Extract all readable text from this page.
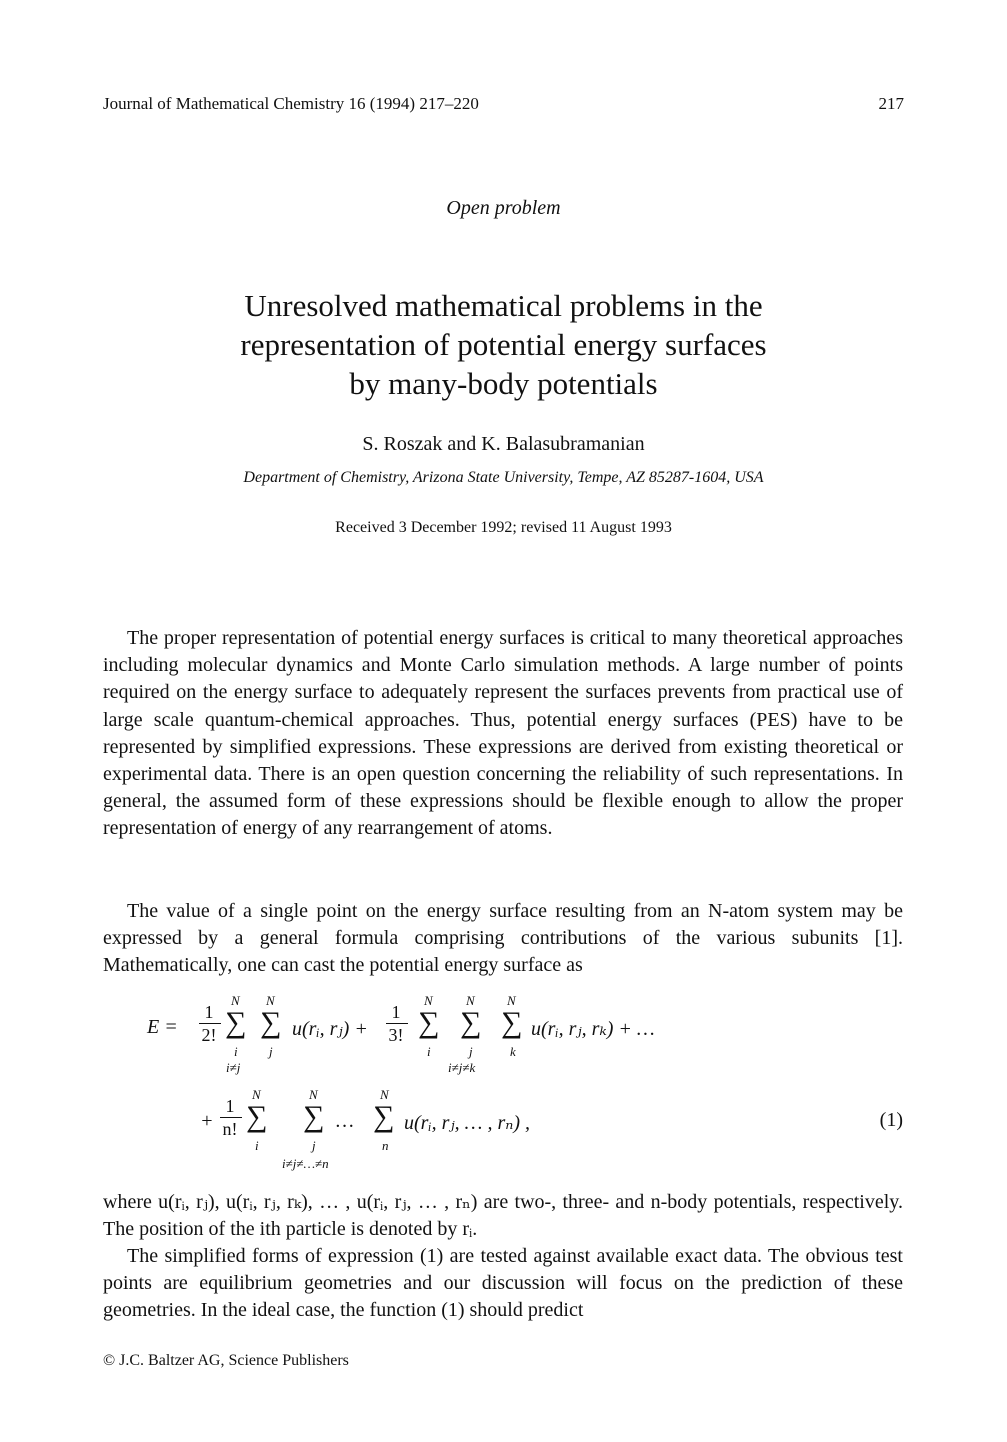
Journal of Mathematical Chemistry 16 (1994) 217–220	217
Open problem
Unresolved mathematical problems in the
representation of potential energy surfaces
by many-body potentials
S. Roszak and K. Balasubramanian
Department of Chemistry, Arizona State University, Tempe, AZ 85287-1604, USA
Received 3 December 1992; revised 11 August 1993

The proper representation of potential energy surfaces is critical to many theoretical approaches including molecular dynamics and Monte Carlo simulation methods. A large number of points required on the energy surface to adequately represent the surfaces prevents from practical use of large scale quantum-chemical approaches. Thus, potential energy surfaces (PES) have to be represented by simplified expressions. These expressions are derived from existing theoretical or experimental data. There is an open question concerning the reliability of such representations. In general, the assumed form of these expressions should be flexible enough to allow the proper representation of energy of any rearrangement of atoms.

The value of a single point on the energy surface resulting from an N-atom system may be expressed by a general formula comprising contributions of the various subunits [1]. Mathematically, one can cast the potential energy surface as

E =
1
2!
N
∑
i
i≠j
N
∑
j
u(rᵢ, rⱼ) +
1
3!
N
∑
i
N
∑
j
i≠j≠k
N
∑
k
u(rᵢ, rⱼ, rₖ) + …
+
1
n!
N
∑
i
N
∑
j
i≠j≠…≠n
…
N
∑
n
u(rᵢ, rⱼ, … , rₙ) ,	(1)

where u(rᵢ, rⱼ), u(rᵢ, rⱼ, rₖ), … , u(rᵢ, rⱼ, … , rₙ) are two-, three- and n-body potentials, respectively. The position of the ith particle is denoted by rᵢ.

The simplified forms of expression (1) are tested against available exact data. The obvious test points are equilibrium geometries and our discussion will focus on the prediction of these geometries. In the ideal case, the function (1) should predict

© J.C. Baltzer AG, Science Publishers
